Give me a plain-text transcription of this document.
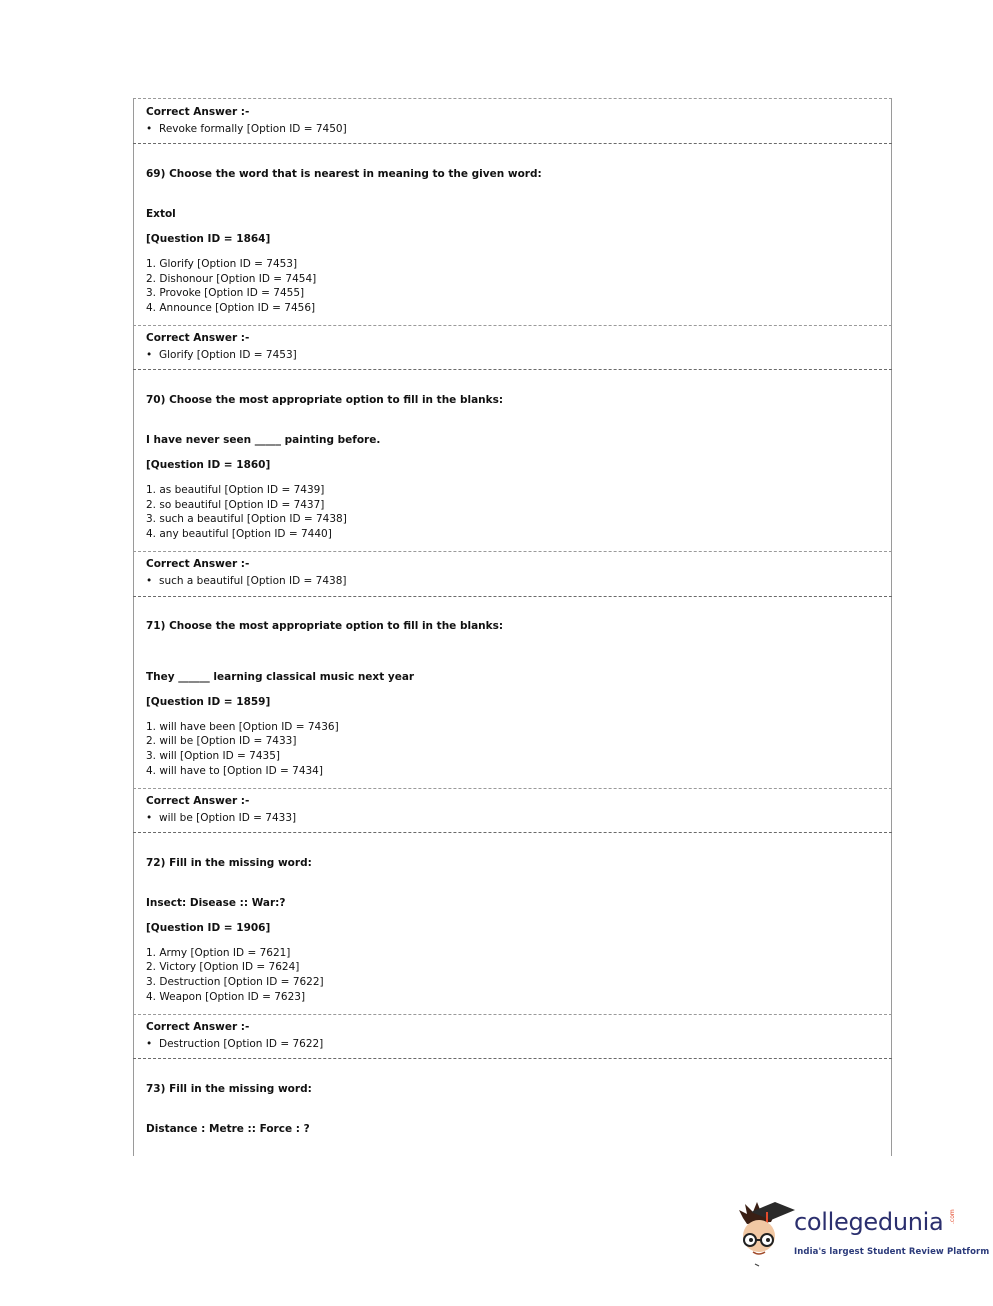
Correct Answer :-
• Revoke formally [Option ID = 7450]
69) Choose the word that is nearest in meaning to the given word:
Extol
[Question ID = 1864]
1. Glorify [Option ID = 7453]
2. Dishonour [Option ID = 7454]
3. Provoke [Option ID = 7455]
4. Announce [Option ID = 7456]
Correct Answer :-
• Glorify [Option ID = 7453]
70) Choose the most appropriate option to fill in the blanks:
I have never seen _____ painting before.
[Question ID = 1860]
1. as beautiful [Option ID = 7439]
2. so beautiful [Option ID = 7437]
3. such a beautiful [Option ID = 7438]
4. any beautiful [Option ID = 7440]
Correct Answer :-
• such a beautiful [Option ID = 7438]
71) Choose the most appropriate option to fill in the blanks:
They ______ learning classical music next year
[Question ID = 1859]
1. will have been [Option ID = 7436]
2. will be [Option ID = 7433]
3. will [Option ID = 7435]
4. will have to [Option ID = 7434]
Correct Answer :-
• will be [Option ID = 7433]
72) Fill in the missing word:
Insect: Disease :: War:?
[Question ID = 1906]
1. Army [Option ID = 7621]
2. Victory [Option ID = 7624]
3. Destruction [Option ID = 7622]
4. Weapon [Option ID = 7623]
Correct Answer :-
• Destruction [Option ID = 7622]
73) Fill in the missing word:
Distance : Metre :: Force : ?
collegedunia .com
India's largest Student Review Platform
